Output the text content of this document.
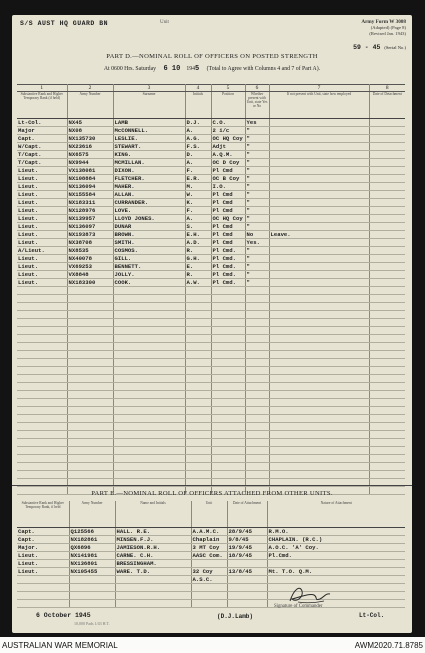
S/S AUST HQ GUARD BN	Unit	Army Form W 3008
(Adapted) (Page 8)
(Revised Jan. 1943)
59 - 45 (Serial No.)
PART D.—NOMINAL ROLL OF OFFICERS ON POSTED STRENGTH
At 0600 Hrs. Saturday 6 10 1945 (Total to Agree with Columns 4 and 7 of Part A).
1	2	3	4	5	6	7	8
Substantive Rank and Higher Temporary Rank (if held)	Army Number	Surname	Initials	Position	Whether present with Unit, state Yes or No	If not present with Unit, state how employed	Date of Detachment
Lt-Col.	NX45	LAMB	D.J.	C.O.	Yes		
Major	NX08	McCONNELL.	A.	2 i/c	"		
Capt.	NX135730	LESLIE.	A.G.	OC HQ Coy	"		
W/Capt.	NX23616	STEWART.	F.S.	Adjt	"		
T/Capt.	NX6575	KING.	D.	A.Q.M.	"		
T/Capt.	NX9944	MCMILLAN.	A.	OC D Coy	"		
Lieut.	VX138081	DIXON.	F.	Pl Cmd	"		
Lieut.	NX108884	FLETCHER.	E.R.	OC B Coy	"		
Lieut.	NX136094	MAHER.	M.	I.O.	"		
Lieut.	NX155584	ALLAN.	W.	Pl Cmd	"		
Lieut.	NX183311	CURRANDER.	K.	Pl Cmd	"		
Lieut.	NX128976	LOVE.	F.	Pl Cmd	"		
Lieut.	NX139957	LLOYD JONES.	A.	OC HQ Coy	"		
Lieut.	NX136097	DUNAR	S.	Pl Cmd	"		
Lieut.	NX193873	BROWN.	E.H.	Pl Cmd	No	Leave.	
Lieut.	NX38708	SMITH.	A.D.	Pl Cmd	Yes.		
A/Lieut.	NX8535	COSMOS.	R.	Pl Cmd.	"		
Lieut.	NX40078	GILL.	G.H.	Pl Cmd.	"		
Lieut.	VX69253	BENNETT.	E.	Pl Cmd.	"		
Lieut.	VX8848	JOLLY.	R.	Pl Cmd.	"		
Lieut.	NX183300	COOK.	A.W.	Pl Cmd.	"		

PART E.—NOMINAL ROLL OF OFFICERS ATTACHED FROM OTHER UNITS.
Substantive Rank and Higher Temporary Rank, if held	Army Number	Name and Initials	Unit	Date of Attachment	Nature of Attachment
Capt.	Q125566	HALL. R.E.	A.A.M.C.	28/9/45	R.M.O.
Capt.	NX182861	MINSEN.F.J.	Chaplain	9/8/45	CHAPLAIN. (R.C.)
Major.	QX6896	JAMIESON.R.H.	3 MT Coy	19/9/45	A.O.C. 'A' Coy.
Lieut.	NX141981	CARNE. C.H.	AASC Com.	18/9/45	Pl.Cmd.
Lieut.	NX136801	BRESSINGHAM.			
Lieut.	NX105455	WARE. T.D.	32 Coy	13/8/45	Mt. T.O. Q.M.
			A.S.C.		

6 October 1945	(D.J.Lamb)	Lt-Col.
Signature of Commander
10,000 Pads 1/43 H.T.
AUSTRALIAN WAR MEMORIAL	AWM2020.71.8785
